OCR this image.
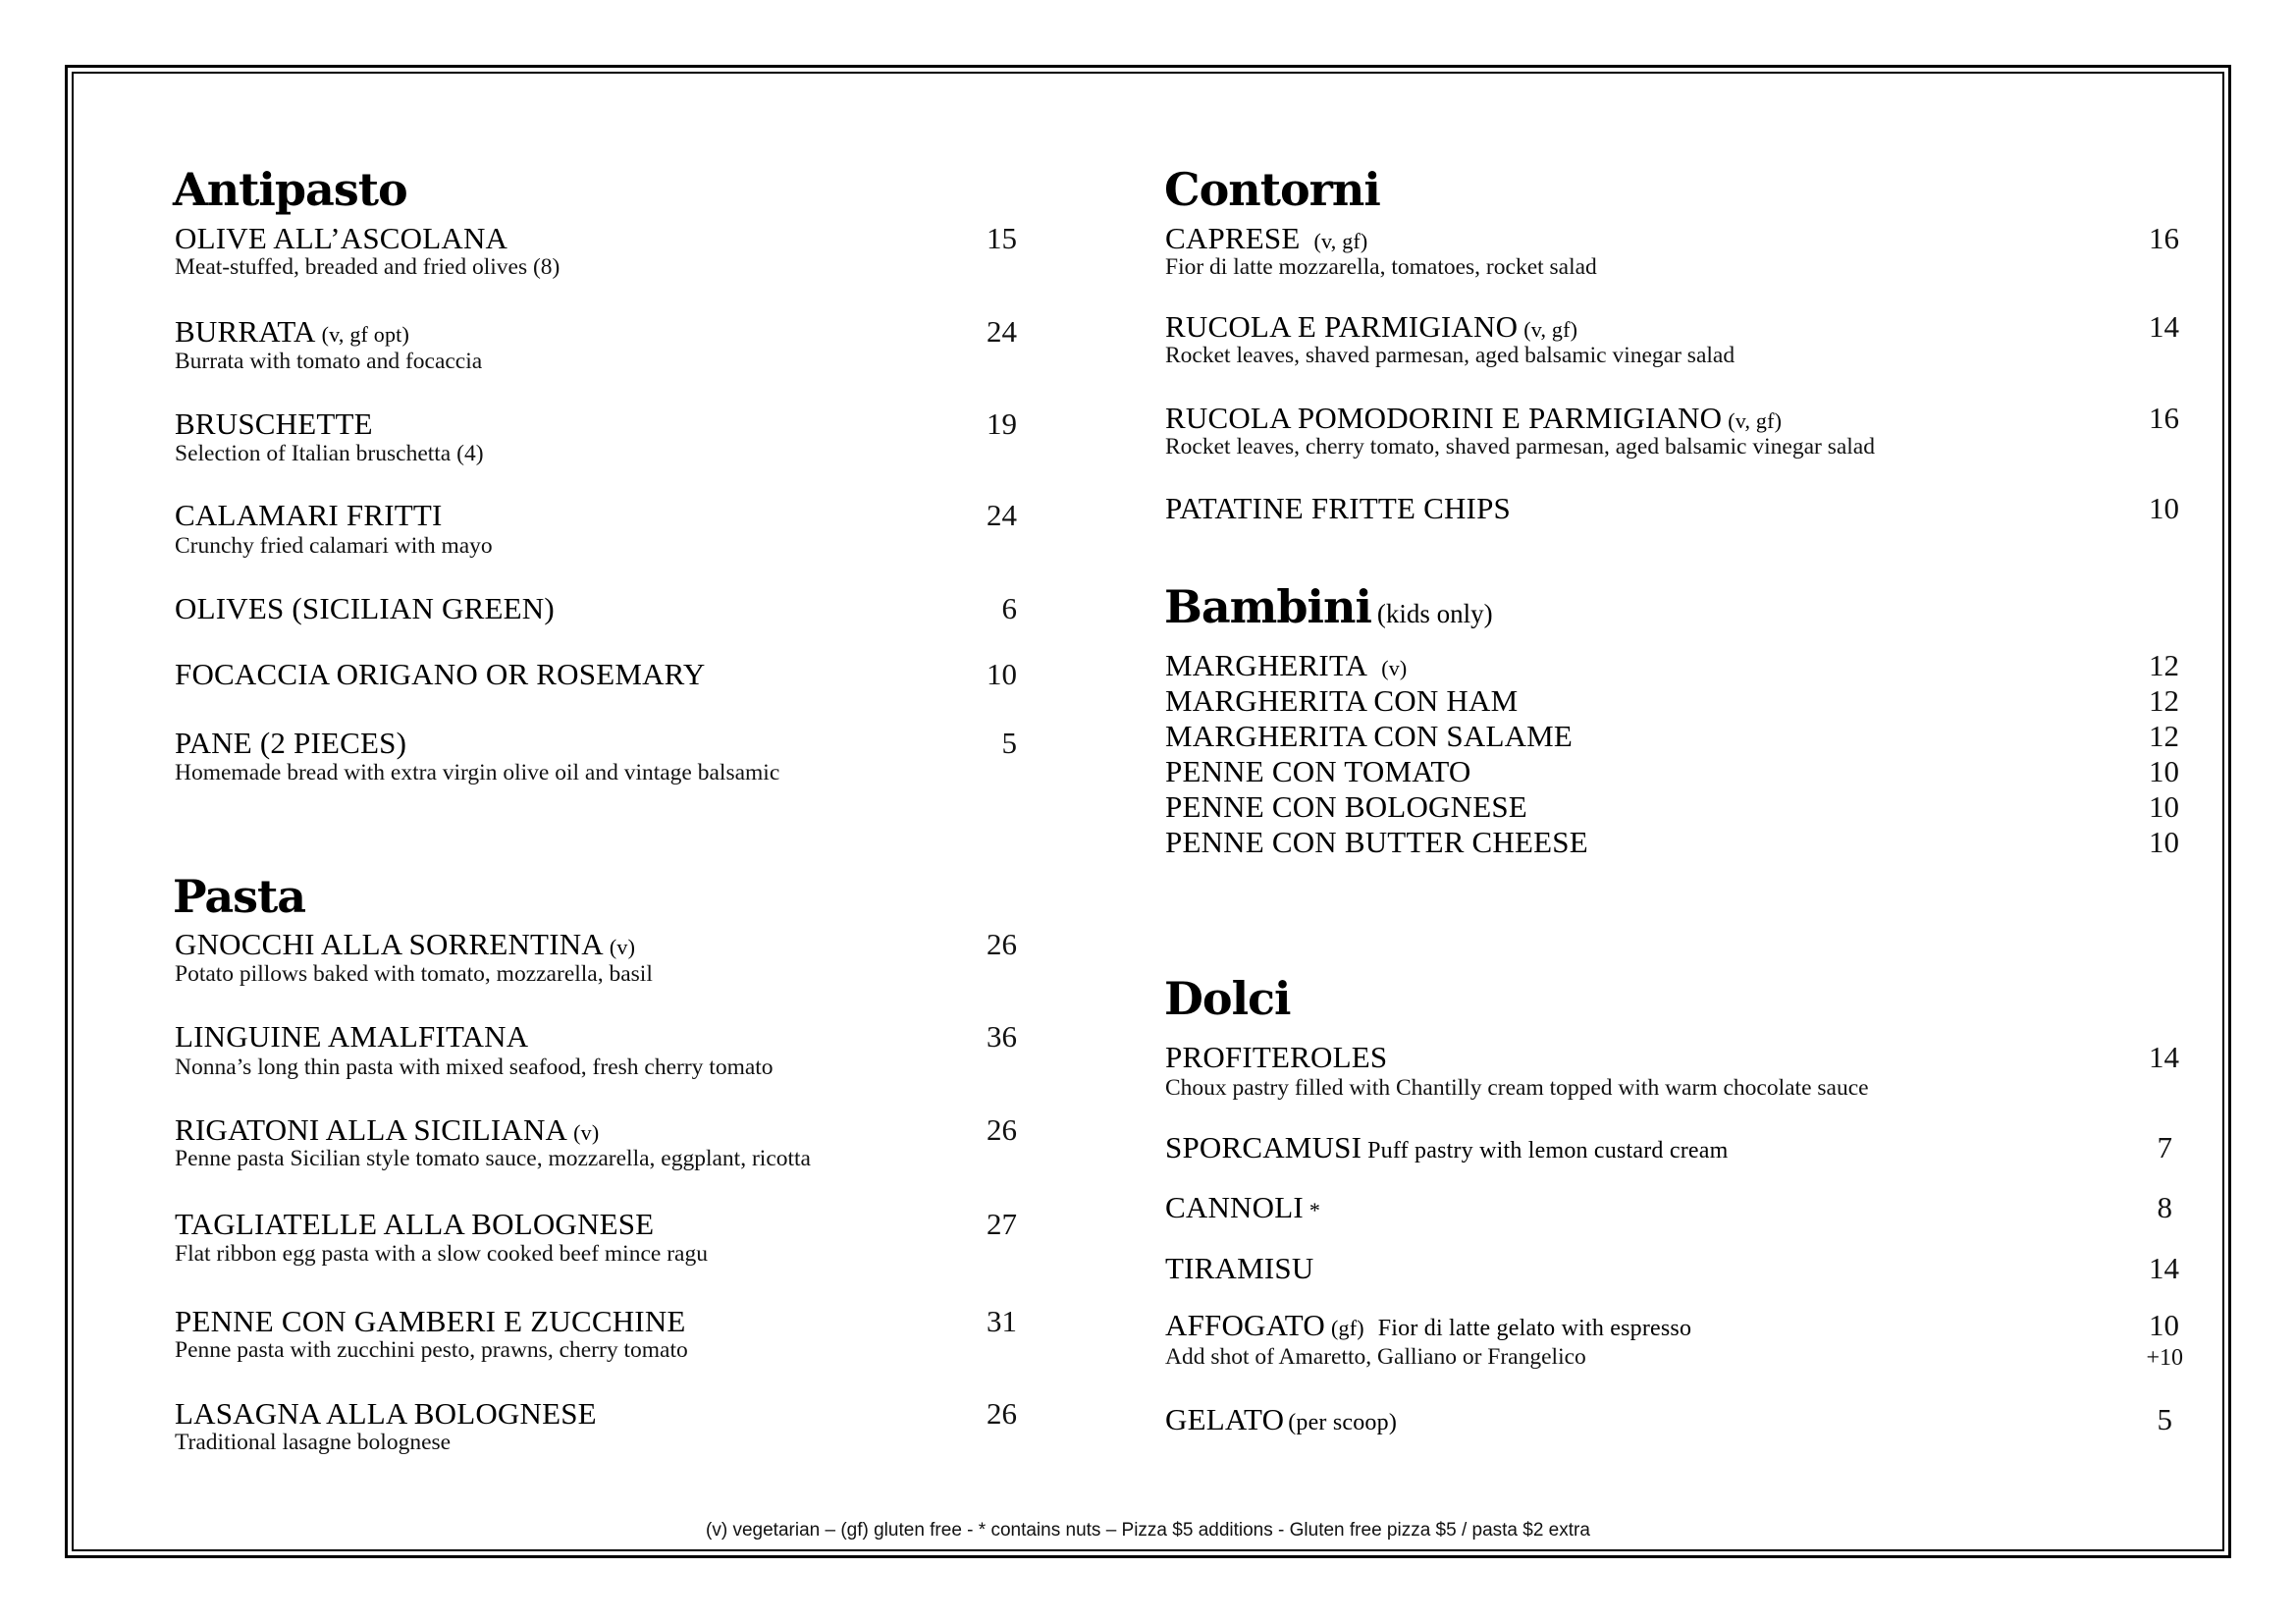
Antipasto
OLIVE ALL’ASCOLANA	15
Meat-stuffed, breaded and fried olives (8)
BURRATA (v, gf opt)	24
Burrata with tomato and focaccia
BRUSCHETTE	19
Selection of Italian bruschetta (4)
CALAMARI FRITTI	24
Crunchy fried calamari with mayo
OLIVES (SICILIAN GREEN)	6
FOCACCIA ORIGANO OR ROSEMARY	10
PANE (2 PIECES)	5
Homemade bread with extra virgin olive oil and vintage balsamic
Pasta
GNOCCHI ALLA SORRENTINA (v)	26
Potato pillows baked with tomato, mozzarella, basil
LINGUINE AMALFITANA	36
Nonna’s long thin pasta with mixed seafood, fresh cherry tomato
RIGATONI ALLA SICILIANA (v)	26
Penne pasta Sicilian style tomato sauce, mozzarella, eggplant, ricotta
TAGLIATELLE ALLA BOLOGNESE	27
Flat ribbon egg pasta with a slow cooked beef mince ragu
PENNE CON GAMBERI E ZUCCHINE	31
Penne pasta with zucchini pesto, prawns, cherry tomato
LASAGNA ALLA BOLOGNESE	26
Traditional lasagne bolognese
Contorni
CAPRESE (v, gf)	16
Fior di latte mozzarella, tomatoes, rocket salad
RUCOLA E PARMIGIANO (v, gf)	14
Rocket leaves, shaved parmesan, aged balsamic vinegar salad
RUCOLA POMODORINI E PARMIGIANO (v, gf)	16
Rocket leaves, cherry tomato, shaved parmesan, aged balsamic vinegar salad
PATATINE FRITTE CHIPS	10
Bambini (kids only)
MARGHERITA (v)	12
MARGHERITA CON HAM	12
MARGHERITA CON SALAME	12
PENNE CON TOMATO	10
PENNE CON BOLOGNESE	10
PENNE CON BUTTER CHEESE	10
Dolci
PROFITEROLES	14
Choux pastry filled with Chantilly cream topped with warm chocolate sauce
SPORCAMUSI Puff pastry with lemon custard cream	7
CANNOLI *	8
TIRAMISU	14
AFFOGATO (gf) Fior di latte gelato with espresso	10
Add shot of Amaretto, Galliano or Frangelico	+10
GELATO (per scoop)	5
(v) vegetarian – (gf) gluten free - * contains nuts – Pizza $5 additions - Gluten free pizza $5 / pasta $2 extra
